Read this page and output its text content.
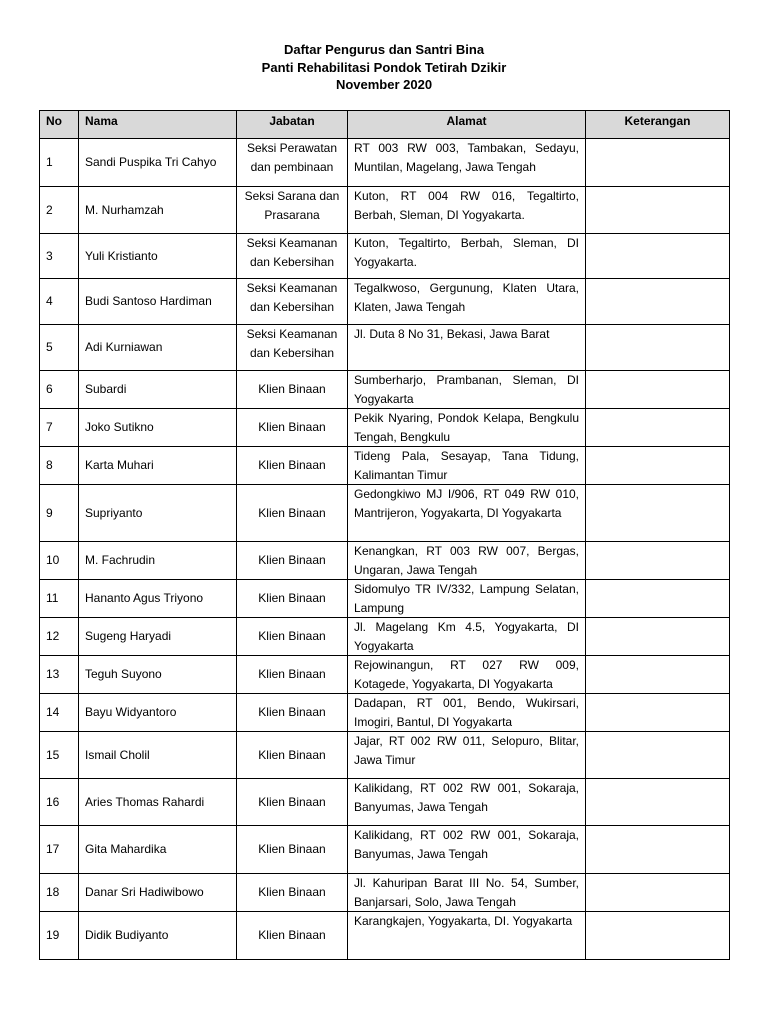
Daftar Pengurus dan Santri Bina
Panti Rehabilitasi Pondok Tetirah Dzikir
November 2020
No	Nama	Jabatan	Alamat	Keterangan
1	Sandi Puspika Tri Cahyo	Seksi Perawatan dan pembinaan	RT 003 RW 003, Tambakan, Sedayu, Muntilan, Magelang, Jawa Tengah	
2	M. Nurhamzah	Seksi Sarana dan Prasarana	Kuton, RT 004 RW 016, Tegaltirto, Berbah, Sleman, DI Yogyakarta.	
3	Yuli Kristianto	Seksi Keamanan dan Kebersihan	Kuton, Tegaltirto, Berbah, Sleman, DI Yogyakarta.	
4	Budi Santoso Hardiman	Seksi Keamanan dan Kebersihan	Tegalkwoso, Gergunung, Klaten Utara, Klaten, Jawa Tengah	
5	Adi Kurniawan	Seksi Keamanan dan Kebersihan	Jl. Duta 8 No 31, Bekasi, Jawa Barat	
6	Subardi	Klien Binaan	Sumberharjo, Prambanan, Sleman, DI Yogyakarta	
7	Joko Sutikno	Klien Binaan	Pekik Nyaring, Pondok Kelapa, Bengkulu Tengah, Bengkulu	
8	Karta Muhari	Klien Binaan	Tideng Pala, Sesayap, Tana Tidung, Kalimantan Timur	
9	Supriyanto	Klien Binaan	Gedongkiwo MJ I/906, RT 049 RW 010, Mantrijeron, Yogyakarta, DI Yogyakarta	
10	M. Fachrudin	Klien Binaan	Kenangkan, RT 003 RW 007, Bergas, Ungaran, Jawa Tengah	
11	Hananto Agus Triyono	Klien Binaan	Sidomulyo TR IV/332, Lampung Selatan, Lampung	
12	Sugeng Haryadi	Klien Binaan	Jl. Magelang Km 4.5, Yogyakarta, DI Yogyakarta	
13	Teguh Suyono	Klien Binaan	Rejowinangun, RT 027 RW 009, Kotagede, Yogyakarta, DI Yogyakarta	
14	Bayu Widyantoro	Klien Binaan	Dadapan, RT 001, Bendo, Wukirsari, Imogiri, Bantul, DI Yogyakarta	
15	Ismail Cholil	Klien Binaan	Jajar, RT 002 RW 011, Selopuro, Blitar, Jawa Timur	
16	Aries Thomas Rahardi	Klien Binaan	Kalikidang, RT 002 RW 001, Sokaraja, Banyumas, Jawa Tengah	
17	Gita Mahardika	Klien Binaan	Kalikidang, RT 002 RW 001, Sokaraja, Banyumas, Jawa Tengah	
18	Danar Sri Hadiwibowo	Klien Binaan	Jl. Kahuripan Barat III No. 54, Sumber, Banjarsari, Solo, Jawa Tengah	
19	Didik Budiyanto	Klien Binaan	Karangkajen, Yogyakarta, DI. Yogyakarta	
